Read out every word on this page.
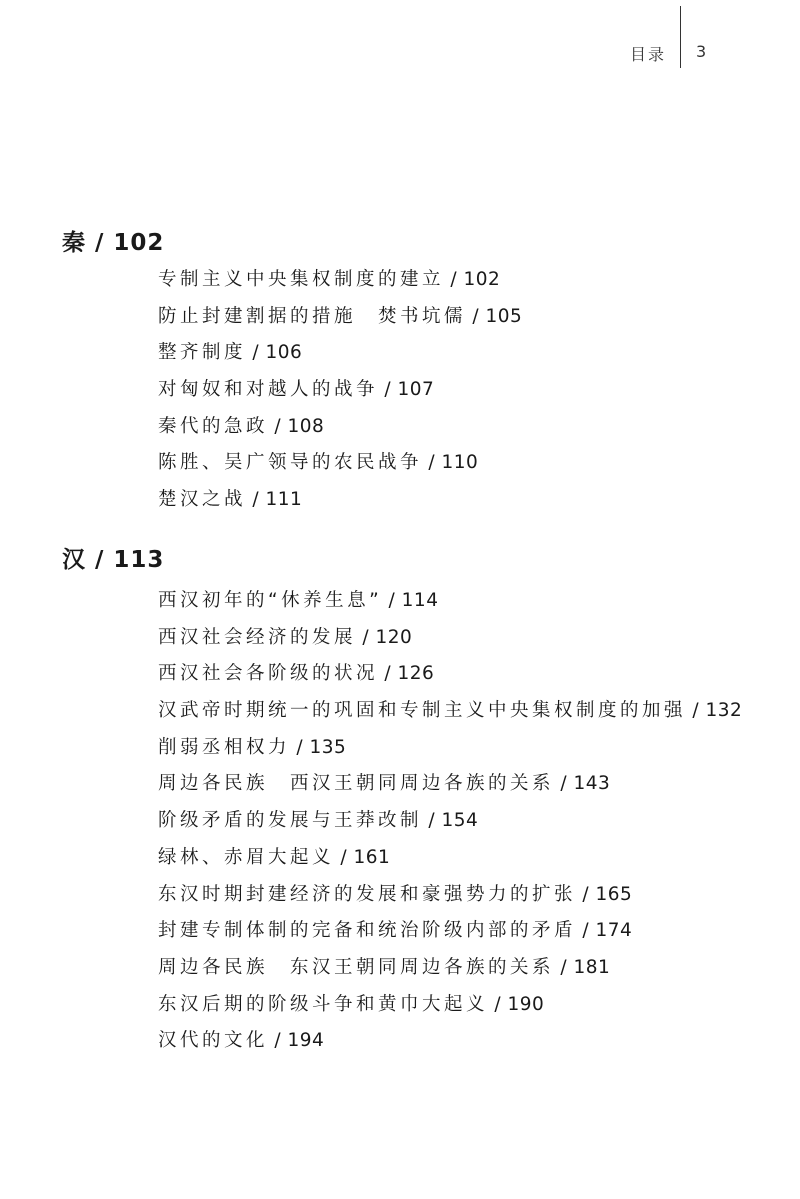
目录 3
秦 / 102
专制主义中央集权制度的建立 / 102
防止封建割据的措施　焚书坑儒 / 105
整齐制度 / 106
对匈奴和对越人的战争 / 107
秦代的急政 / 108
陈胜、吴广领导的农民战争 / 110
楚汉之战 / 111
汉 / 113
西汉初年的“休养生息” / 114
西汉社会经济的发展 / 120
西汉社会各阶级的状况 / 126
汉武帝时期统一的巩固和专制主义中央集权制度的加强 / 132
削弱丞相权力 / 135
周边各民族　西汉王朝同周边各族的关系 / 143
阶级矛盾的发展与王莽改制 / 154
绿林、赤眉大起义 / 161
东汉时期封建经济的发展和豪强势力的扩张 / 165
封建专制体制的完备和统治阶级内部的矛盾 / 174
周边各民族　东汉王朝同周边各族的关系 / 181
东汉后期的阶级斗争和黄巾大起义 / 190
汉代的文化 / 194
